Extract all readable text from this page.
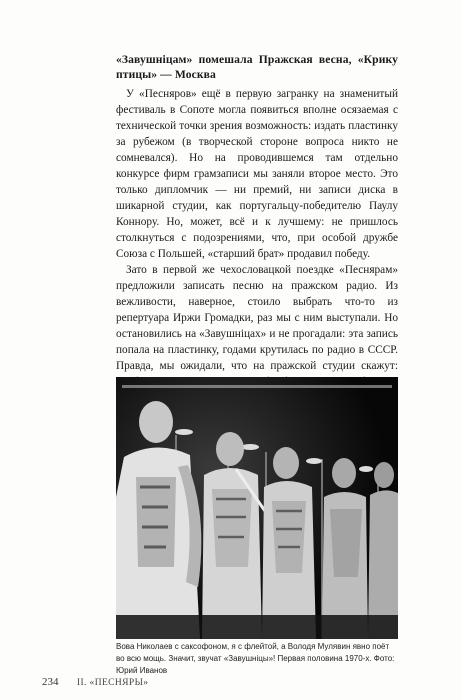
«Завушніцам» помешала Пражская весна, «Крику птицы» — Москва

У «Песняров» ещё в первую загранку на знаменитый фестиваль в Сопоте могла появиться вполне осязаемая с технической точки зрения возможность: издать пластинку за рубежом (в творческой стороне вопроса никто не сомневался). Но на проводившемся там отдельно конкурсе фирм грамзаписи мы заняли второе место. Это только дипломчик — ни премий, ни записи диска в шикарной студии, как португальцу-победителю Паулу Коннору. Но, может, всё и к лучшему: не пришлось столкнуться с подозрениями, что, при особой дружбе Союза с Польшей, «старший брат» продавил победу.

Зато в первой же чехословацкой поездке «Песнярам» предложили записать песню на пражском радио. Из вежливости, наверное, стоило выбрать что-то из репертуара Иржи Громадки, раз мы с ним выступали. Но остановились на «Завушніцах» и не прогадали: эта запись попала на пластинку, годами крутилась по радио в СССР. Правда, мы ожидали, что на пражской студии скажут:

Вова Николаев с саксофоном, я с флейтой, а Володя Мулявин явно поёт во всю мощь. Значит, звучат «Завушніцы»! Первая половина 1970-х. Фото: Юрий Иванов
234 II. «ПЕСНЯРЫ»
